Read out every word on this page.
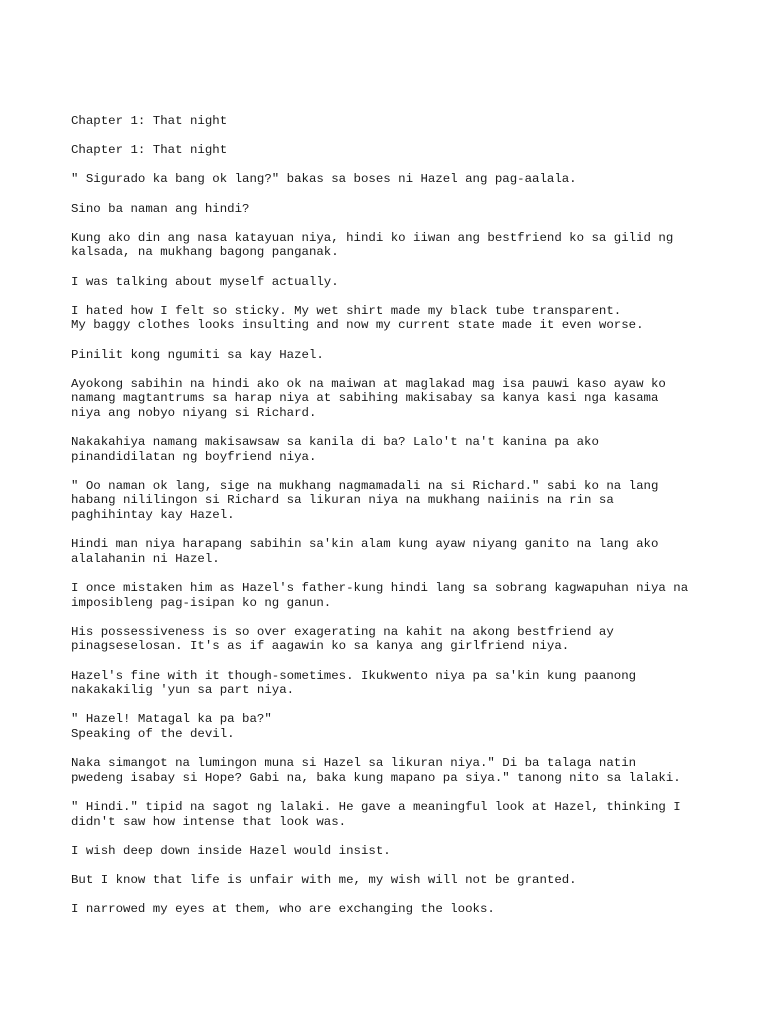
Chapter 1: That night

Chapter 1: That night

" Sigurado ka bang ok lang?" bakas sa boses ni Hazel ang pag-aalala.

Sino ba naman ang hindi?

Kung ako din ang nasa katayuan niya, hindi ko iiwan ang bestfriend ko sa gilid ng
kalsada, na mukhang bagong panganak.

I was talking about myself actually.

I hated how I felt so sticky. My wet shirt made my black tube transparent.
My baggy clothes looks insulting and now my current state made it even worse.

Pinilit kong ngumiti sa kay Hazel.

Ayokong sabihin na hindi ako ok na maiwan at maglakad mag isa pauwi kaso ayaw ko
namang magtantrums sa harap niya at sabihing makisabay sa kanya kasi nga kasama
niya ang nobyo niyang si Richard.

Nakakahiya namang makisawsaw sa kanila di ba? Lalo't na't kanina pa ako
pinandidilatan ng boyfriend niya.

" Oo naman ok lang, sige na mukhang nagmamadali na si Richard." sabi ko na lang
habang nililingon si Richard sa likuran niya na mukhang naiinis na rin sa
paghihintay kay Hazel.

Hindi man niya harapang sabihin sa'kin alam kung ayaw niyang ganito na lang ako
alalahanin ni Hazel.

I once mistaken him as Hazel's father-kung hindi lang sa sobrang kagwapuhan niya na
imposibleng pag-isipan ko ng ganun.

His possessiveness is so over exagerating na kahit na akong bestfriend ay
pinagseselosan. It's as if aagawin ko sa kanya ang girlfriend niya.

Hazel's fine with it though-sometimes. Ikukwento niya pa sa'kin kung paanong
nakakakilig 'yun sa part niya.

" Hazel! Matagal ka pa ba?"
Speaking of the devil.

Naka simangot na lumingon muna si Hazel sa likuran niya." Di ba talaga natin
pwedeng isabay si Hope? Gabi na, baka kung mapano pa siya." tanong nito sa lalaki.

" Hindi." tipid na sagot ng lalaki. He gave a meaningful look at Hazel, thinking I
didn't saw how intense that look was.

I wish deep down inside Hazel would insist.

But I know that life is unfair with me, my wish will not be granted.

I narrowed my eyes at them, who are exchanging the looks.
